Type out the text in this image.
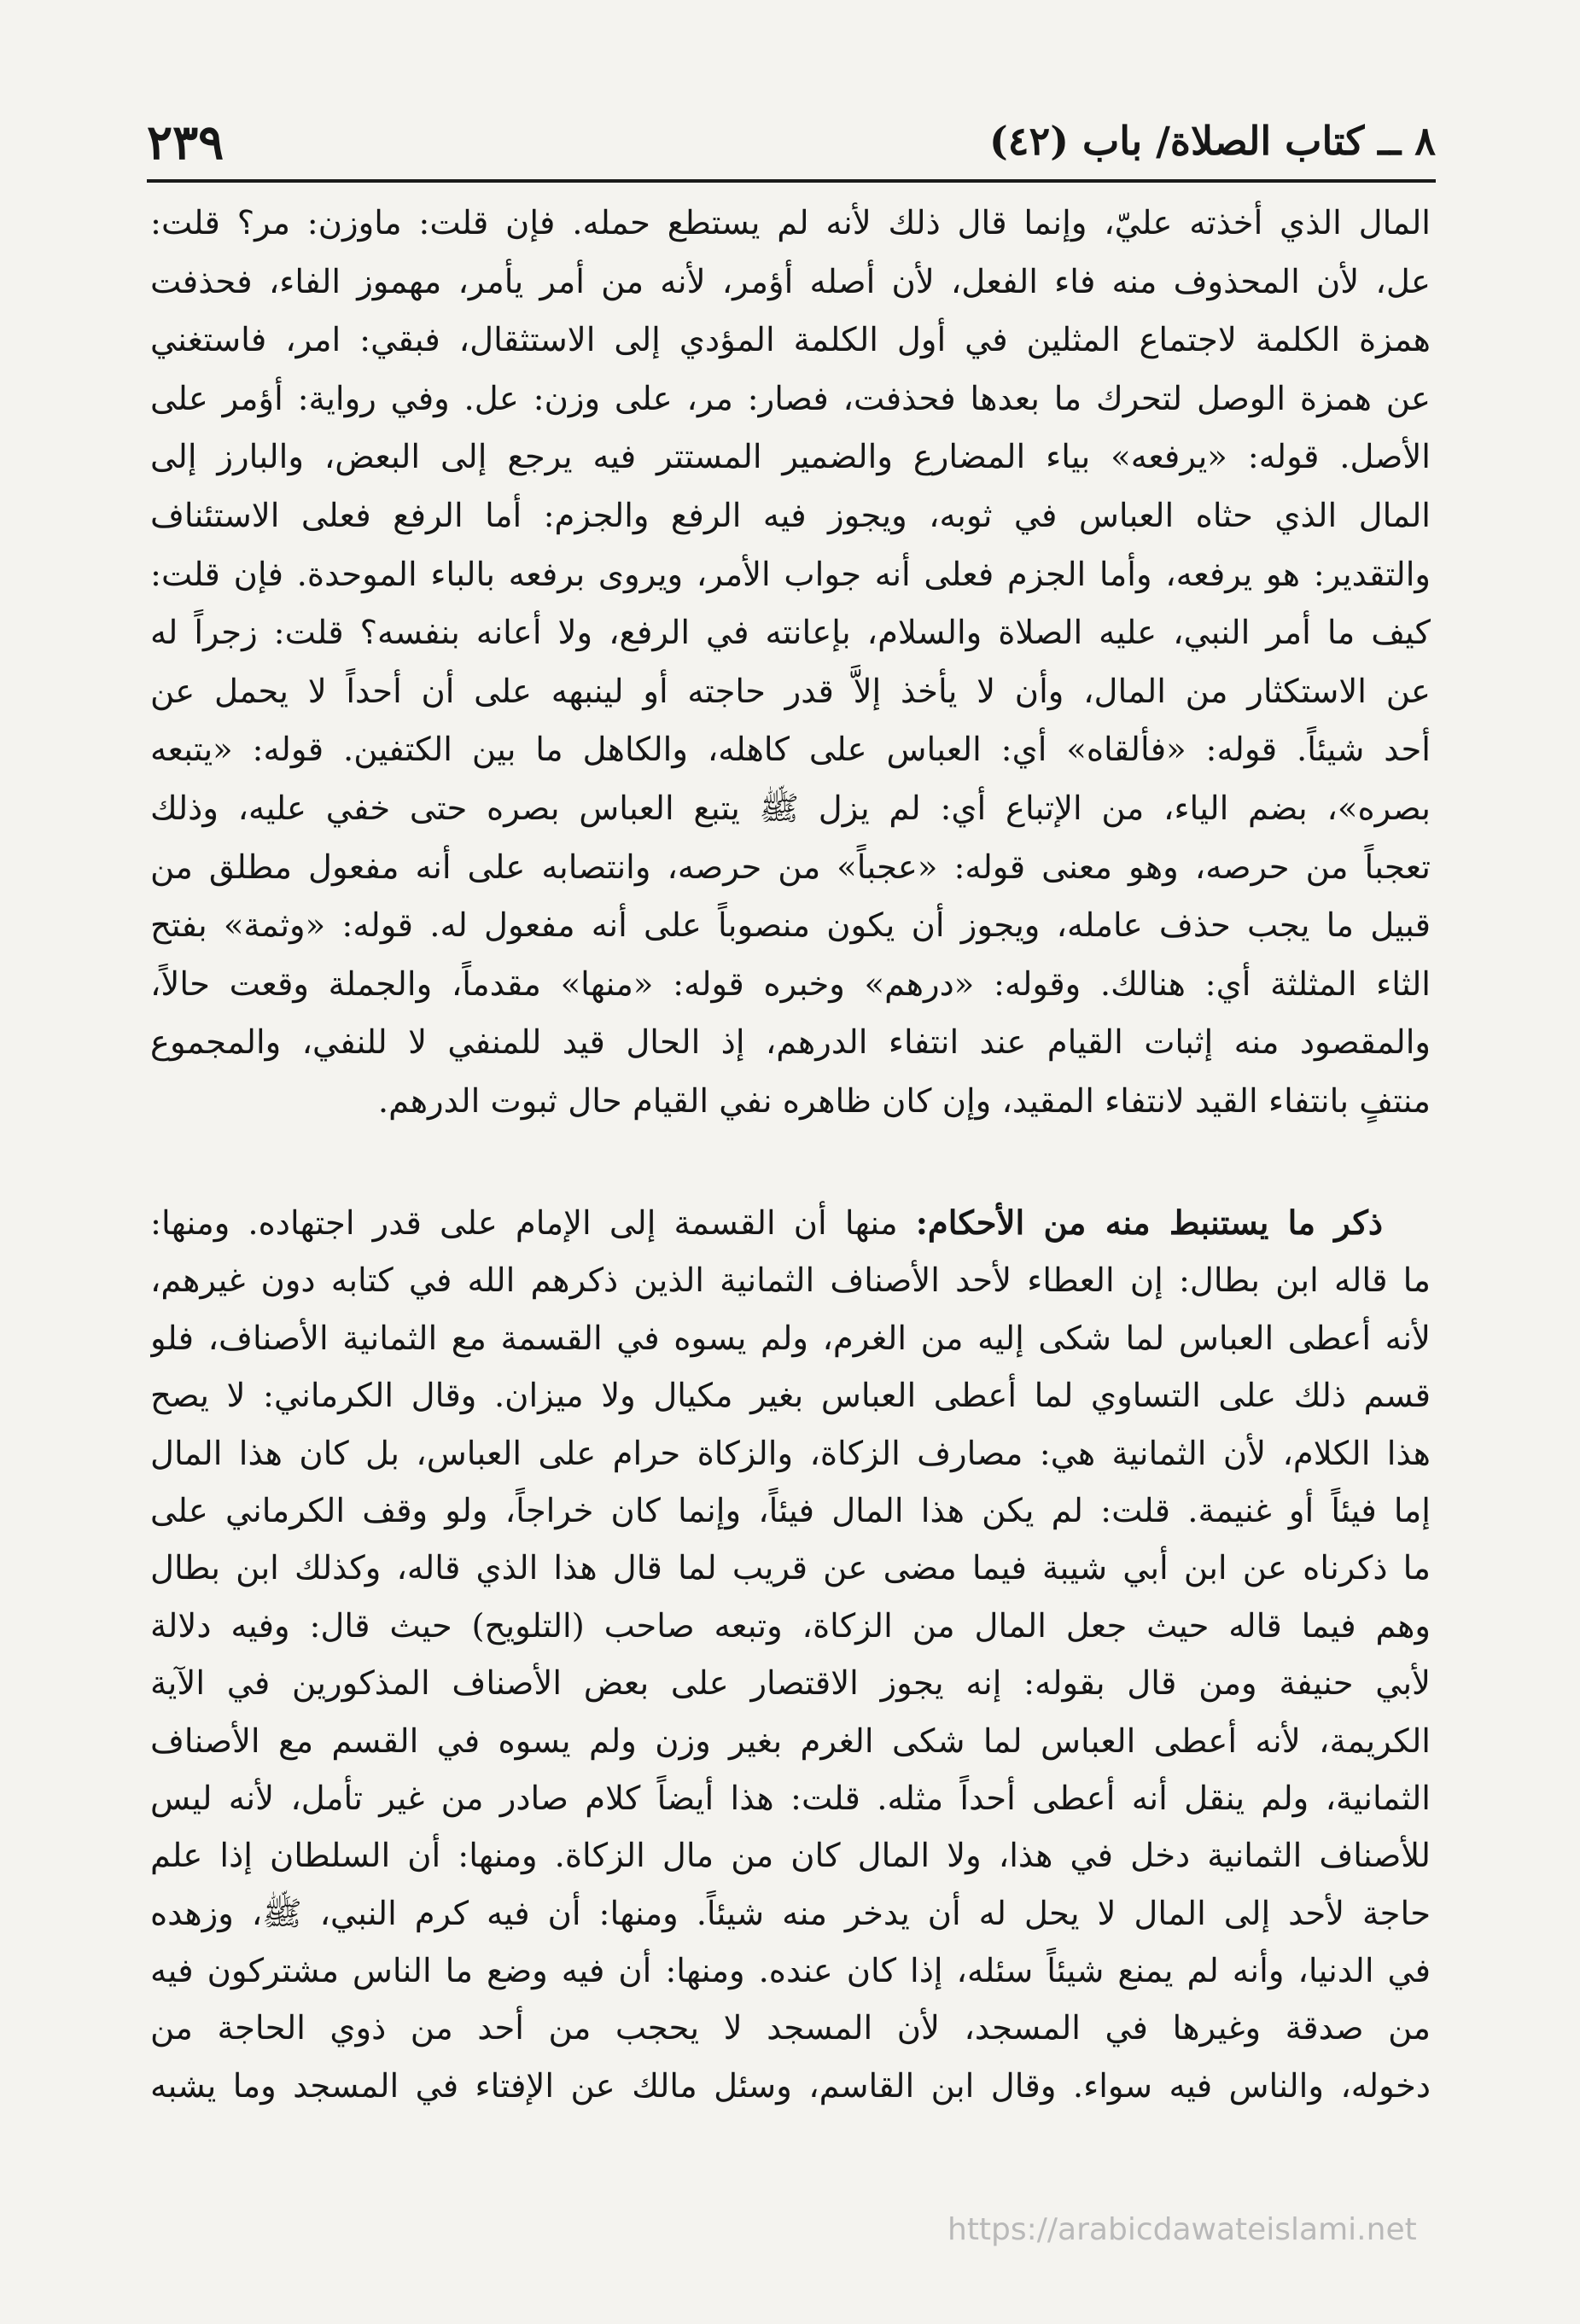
٨ ــ كتاب الصلاة/ باب (٤٢)
٢٣٩
المال الذي أخذته عليّ، وإنما قال ذلك لأنه لم يستطع حمله. فإن قلت: ماوزن: مر؟ قلت:
عل، لأن المحذوف منه فاء الفعل، لأن أصله أؤمر، لأنه من أمر يأمر، مهموز الفاء، فحذفت
همزة الكلمة لاجتماع المثلين في أول الكلمة المؤدي إلى الاستثقال، فبقي: امر، فاستغني
عن همزة الوصل لتحرك ما بعدها فحذفت، فصار: مر، على وزن: عل. وفي رواية: أؤمر على
الأصل. قوله: «يرفعه» بياء المضارع والضمير المستتر فيه يرجع إلى البعض، والبارز إلى
المال الذي حثاه العباس في ثوبه، ويجوز فيه الرفع والجزم: أما الرفع فعلى الاستئناف
والتقدير: هو يرفعه، وأما الجزم فعلى أنه جواب الأمر، ويروى برفعه بالباء الموحدة. فإن قلت:
كيف ما أمر النبي، عليه الصلاة والسلام، بإعانته في الرفع، ولا أعانه بنفسه؟ قلت: زجراً له
عن الاستكثار من المال، وأن لا يأخذ إلاَّ قدر حاجته أو لينبهه على أن أحداً لا يحمل عن
أحد شيئاً. قوله: «فألقاه» أي: العباس على كاهله، والكاهل ما بين الكتفين. قوله: «يتبعه
بصره»، بضم الياء، من الإتباع أي: لم يزل ﷺ يتبع العباس بصره حتى خفي عليه، وذلك
تعجباً من حرصه، وهو معنى قوله: «عجباً» من حرصه، وانتصابه على أنه مفعول مطلق من
قبيل ما يجب حذف عامله، ويجوز أن يكون منصوباً على أنه مفعول له. قوله: «وثمة» بفتح
الثاء المثلثة أي: هنالك. وقوله: «درهم» وخبره قوله: «منها» مقدماً، والجملة وقعت حالاً،
والمقصود منه إثبات القيام عند انتفاء الدرهم، إذ الحال قيد للمنفي لا للنفي، والمجموع
منتفٍ بانتفاء القيد لانتفاء المقيد، وإن كان ظاهره نفي القيام حال ثبوت الدرهم.
ذكر ما يستنبط منه من الأحكام: منها أن القسمة إلى الإمام على قدر اجتهاده. ومنها:
ما قاله ابن بطال: إن العطاء لأحد الأصناف الثمانية الذين ذكرهم الله في كتابه دون غيرهم،
لأنه أعطى العباس لما شكى إليه من الغرم، ولم يسوه في القسمة مع الثمانية الأصناف، فلو
قسم ذلك على التساوي لما أعطى العباس بغير مكيال ولا ميزان. وقال الكرماني: لا يصح
هذا الكلام، لأن الثمانية هي: مصارف الزكاة، والزكاة حرام على العباس، بل كان هذا المال
إما فيئاً أو غنيمة. قلت: لم يكن هذا المال فيئاً، وإنما كان خراجاً، ولو وقف الكرماني على
ما ذكرناه عن ابن أبي شيبة فيما مضى عن قريب لما قال هذا الذي قاله، وكذلك ابن بطال
وهم فيما قاله حيث جعل المال من الزكاة، وتبعه صاحب (التلويح) حيث قال: وفيه دلالة
لأبي حنيفة ومن قال بقوله: إنه يجوز الاقتصار على بعض الأصناف المذكورين في الآية
الكريمة، لأنه أعطى العباس لما شكى الغرم بغير وزن ولم يسوه في القسم مع الأصناف
الثمانية، ولم ينقل أنه أعطى أحداً مثله. قلت: هذا أيضاً كلام صادر من غير تأمل، لأنه ليس
للأصناف الثمانية دخل في هذا، ولا المال كان من مال الزكاة. ومنها: أن السلطان إذا علم
حاجة لأحد إلى المال لا يحل له أن يدخر منه شيئاً. ومنها: أن فيه كرم النبي، ﷺ، وزهده
في الدنيا، وأنه لم يمنع شيئاً سئله، إذا كان عنده. ومنها: أن فيه وضع ما الناس مشتركون فيه
من صدقة وغيرها في المسجد، لأن المسجد لا يحجب من أحد من ذوي الحاجة من
دخوله، والناس فيه سواء. وقال ابن القاسم، وسئل مالك عن الإفتاء في المسجد وما يشبه
https://arabicdawateislami.net
